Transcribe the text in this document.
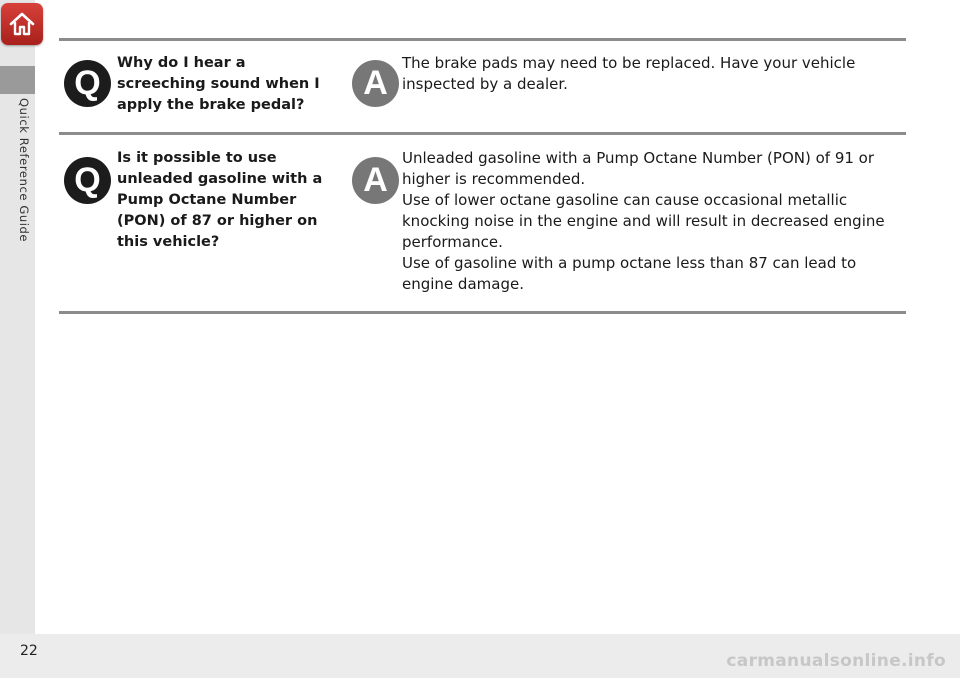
Quick Reference Guide
Q
Why do I hear a screeching sound when I apply the brake pedal?
A
The brake pads may need to be replaced. Have your vehicle inspected by a dealer.
Q
Is it possible to use unleaded gasoline with a Pump Octane Number (PON) of 87 or higher on this vehicle?
A
Unleaded gasoline with a Pump Octane Number (PON) of 91 or higher is recommended.
Use of lower octane gasoline can cause occasional metallic knocking noise in the engine and will result in decreased engine performance.
Use of gasoline with a pump octane less than 87 can lead to engine damage.
22	carmanualsonline.info
